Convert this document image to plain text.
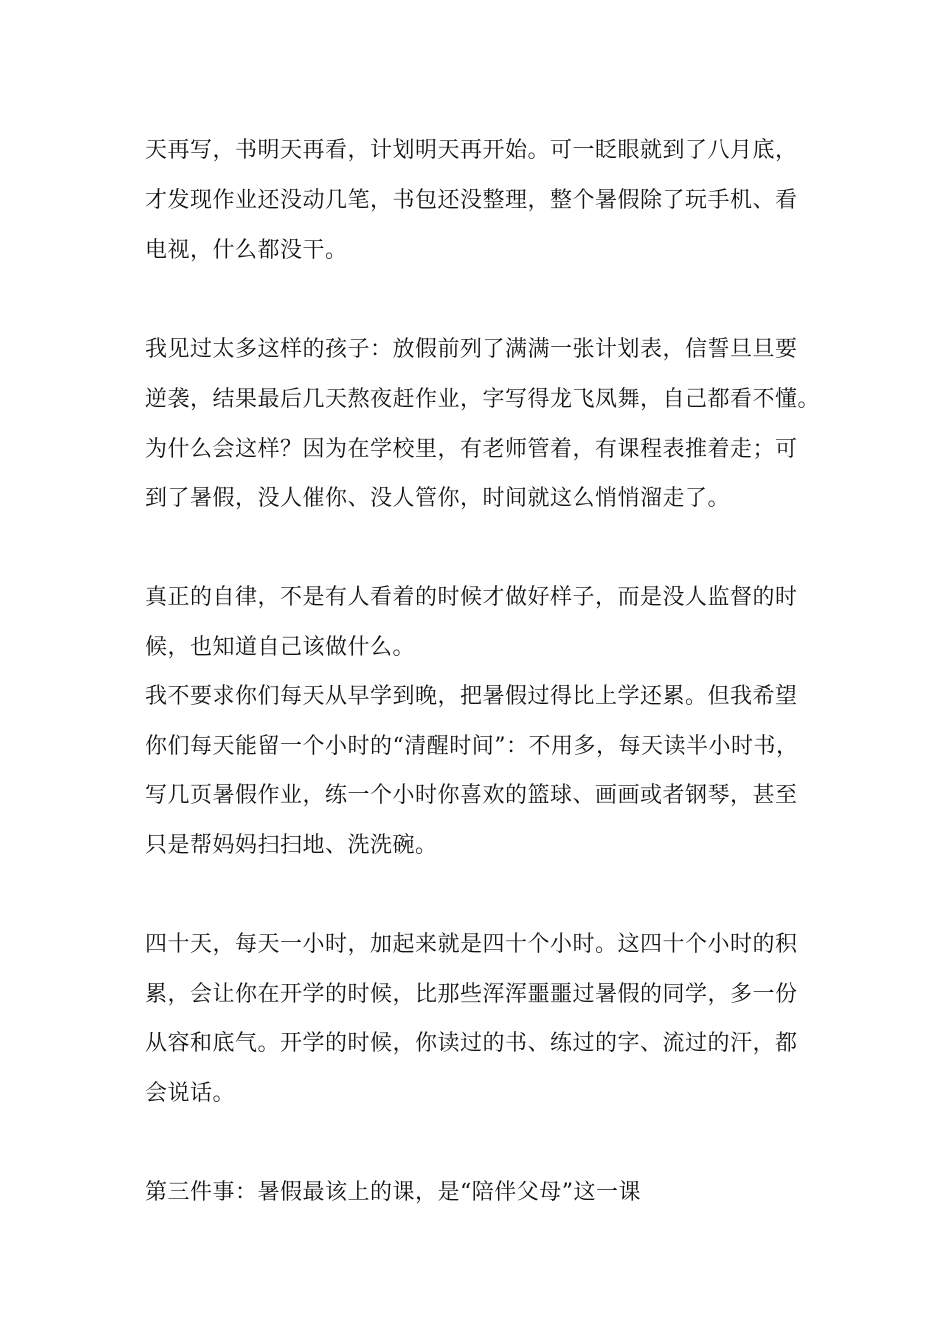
天再写，书明天再看，计划明天再开始。可一眨眼就到了八月底，

才发现作业还没动几笔，书包还没整理，整个暑假除了玩手机、看

电视，什么都没干。

我见过太多这样的孩子：放假前列了满满一张计划表，信誓旦旦要

逆袭，结果最后几天熬夜赶作业，字写得龙飞凤舞，自己都看不懂。

为什么会这样？因为在学校里，有老师管着，有课程表推着走；可

到了暑假，没人催你、没人管你，时间就这么悄悄溜走了。

真正的自律，不是有人看着的时候才做好样子，而是没人监督的时

候，也知道自己该做什么。

我不要求你们每天从早学到晚，把暑假过得比上学还累。但我希望

你们每天能留一个小时的“清醒时间”：不用多，每天读半小时书，

写几页暑假作业，练一个小时你喜欢的篮球、画画或者钢琴，甚至

只是帮妈妈扫扫地、洗洗碗。

四十天，每天一小时，加起来就是四十个小时。这四十个小时的积

累，会让你在开学的时候，比那些浑浑噩噩过暑假的同学，多一份

从容和底气。开学的时候，你读过的书、练过的字、流过的汗，都

会说话。

第三件事：暑假最该上的课，是“陪伴父母”这一课
